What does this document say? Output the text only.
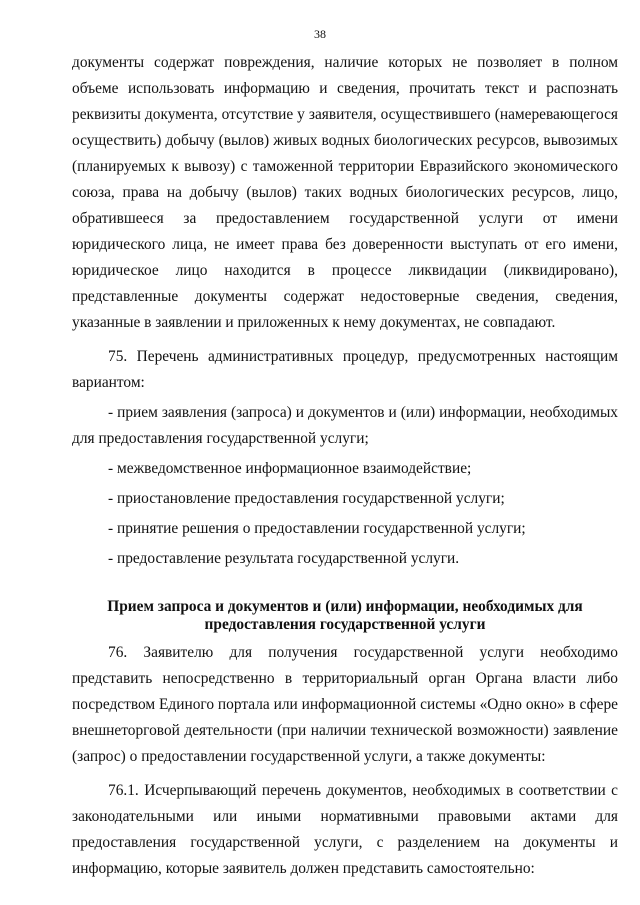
38

документы содержат повреждения, наличие которых не позволяет в полном объеме использовать информацию и сведения, прочитать текст и распознать реквизиты документа, отсутствие у заявителя, осуществившего (намеревающегося осуществить) добычу (вылов) живых водных биологических ресурсов, вывозимых (планируемых к вывозу) с таможенной территории Евразийского экономического союза, права на добычу (вылов) таких водных биологических ресурсов, лицо, обратившееся за предоставлением государственной услуги от имени юридического лица, не имеет права без доверенности выступать от его имени, юридическое лицо находится в процессе ликвидации (ликвидировано), представленные документы содержат недостоверные сведения, сведения, указанные в заявлении и приложенных к нему документах, не совпадают.

75. Перечень административных процедур, предусмотренных настоящим вариантом:

- прием заявления (запроса) и документов и (или) информации, необходимых для предоставления государственной услуги;

- межведомственное информационное взаимодействие;

- приостановление предоставления государственной услуги;

- принятие решения о предоставлении государственной услуги;

- предоставление результата государственной услуги.

Прием запроса и документов и (или) информации, необходимых для предоставления государственной услуги

76. Заявителю для получения государственной услуги необходимо представить непосредственно в территориальный орган Органа власти либо посредством Единого портала или информационной системы «Одно окно» в сфере внешнеторговой деятельности (при наличии технической возможности) заявление (запрос) о предоставлении государственной услуги, а также документы:

76.1. Исчерпывающий перечень документов, необходимых в соответствии с законодательными или иными нормативными правовыми актами для предоставления государственной услуги, с разделением на документы и информацию, которые заявитель должен представить самостоятельно:
